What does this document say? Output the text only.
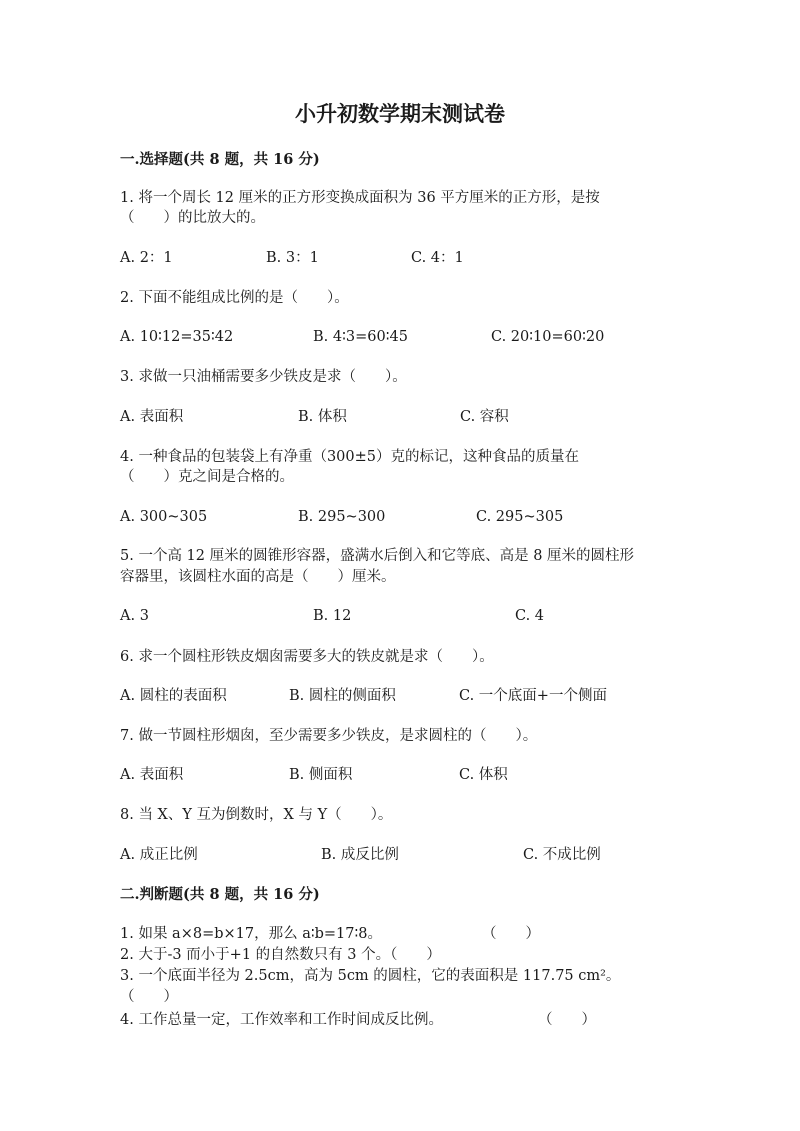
小升初数学期末测试卷
一.选择题(共 8 题，共 16 分)
1. 将一个周长 12 厘米的正方形变换成面积为 36 平方厘米的正方形，是按
（　　）的比放大的。
A. 2：1	B. 3：1	C. 4：1
2. 下面不能组成比例的是（　　）。
A. 10∶12=35∶42	B. 4∶3=60∶45	C. 20∶10=60∶20
3. 求做一只油桶需要多少铁皮是求（　　）。
A. 表面积	B. 体积	C. 容积
4. 一种食品的包装袋上有净重（300±5）克的标记，这种食品的质量在
（　　）克之间是合格的。
A. 300~305	B. 295~300	C. 295~305
5. 一个高 12 厘米的圆锥形容器，盛满水后倒入和它等底、高是 8 厘米的圆柱形
容器里，该圆柱水面的高是（　　）厘米。
A. 3	B. 12	C. 4
6. 求一个圆柱形铁皮烟囱需要多大的铁皮就是求（　　）。
A. 圆柱的表面积	B. 圆柱的侧面积	C. 一个底面+一个侧面
7. 做一节圆柱形烟囱，至少需要多少铁皮，是求圆柱的（　　）。
A. 表面积	B. 侧面积	C. 体积
8. 当 X、Y 互为倒数时，X 与 Y（　　）。
A. 成正比例	B. 成反比例	C. 不成比例
二.判断题(共 8 题，共 16 分)
1. 如果 a×8=b×17，那么 a∶b=17∶8。	（　　）
2. 大于-3 而小于+1 的自然数只有 3 个。（　　）
3. 一个底面半径为 2.5cm，高为 5cm 的圆柱，它的表面积是 117.75 cm²。
（　　）
4. 工作总量一定，工作效率和工作时间成反比例。	（　　）
